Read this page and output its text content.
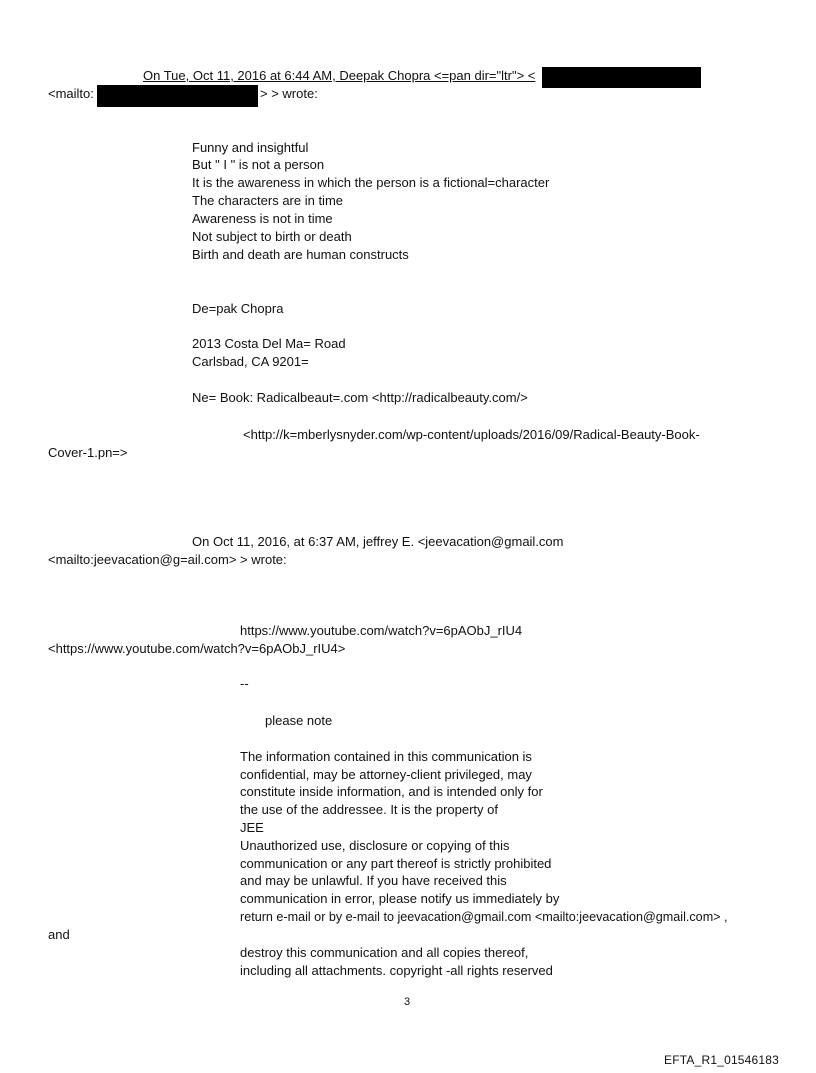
On Tue, Oct 11, 2016 at 6:44 AM, Deepak Chopra <=pan dir="ltr"> <
<mailto:	> > wrote:
Funny and insightful
But " I " is not a person
It is the awareness in which the person is a fictional=character
The characters are in time
Awareness is not in time
Not subject to birth or death
Birth and death are human constructs
De=pak Chopra
2013 Costa Del Ma= Road
Carlsbad, CA 9201=
Ne= Book: Radicalbeaut=.com <http://radicalbeauty.com/>
<http://k=mberlysnyder.com/wp-content/uploads/2016/09/Radical-Beauty-Book-
Cover-1.pn=>
On Oct 11, 2016, at 6:37 AM, jeffrey E. <jeevacation@gmail.com
<mailto:jeevacation@g=ail.com> > wrote:
https://www.youtube.com/watch?v=6pAObJ_rIU4
<https://www.youtube.com/watch?v=6pAObJ_rIU4>
--
please note
The information contained in this communication is
confidential, may be attorney-client privileged, may
constitute inside information, and is intended only for
the use of the addressee. It is the property of
JEE
Unauthorized use, disclosure or copying of this
communication or any part thereof is strictly prohibited
and may be unlawful. If you have received this
communication in error, please notify us immediately by
return e-mail or by e-mail to jeevacation@gmail.com <mailto:jeevacation@gmail.com> ,
and
destroy this communication and all copies thereof,
including all attachments. copyright -all rights reserved
3
EFTA_R1_01546183
